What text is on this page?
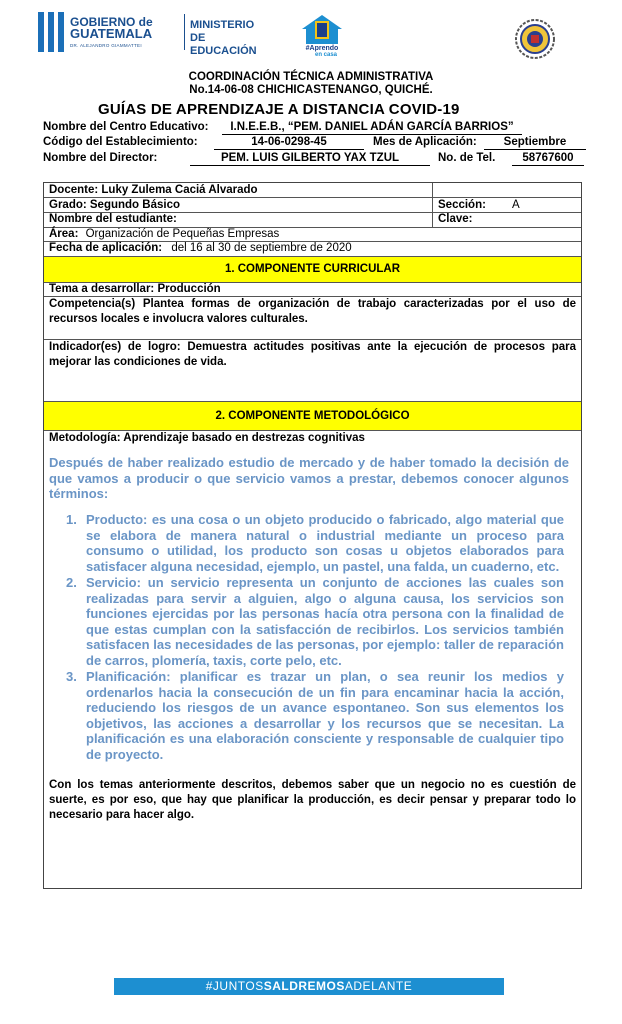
GOBIERNO de
GUATEMALA
DR. ALEJANDRO GIAMMATTEI
MINISTERIO DE
EDUCACIÓN	#Aprendo
en casa
COORDINACIÓN TÉCNICA ADMINISTRATIVA
No.14-06-08 CHICHICASTENANGO, QUICHÉ.
GUÍAS DE APRENDIZAJE A DISTANCIA COVID-19
Nombre del Centro Educativo:	I.N.E.E.B., “PEM. DANIEL ADÁN GARCÍA BARRIOS”
Código del Establecimiento:	14-06-0298-45	Mes de Aplicación:	Septiembre
Nombre del Director:	PEM. LUIS GILBERTO YAX TZUL	No. de Tel.	58767600
Docente: Luky Zulema Caciá Alvarado
Grado: Segundo Básico	Sección: A
Nombre del estudiante:	Clave:
Área: Organización de Pequeñas Empresas
Fecha de aplicación: del 16 al 30 de septiembre de 2020
1. COMPONENTE CURRICULAR
Tema a desarrollar: Producción
Competencia(s) Plantea formas de organización de trabajo caracterizadas por el uso de recursos locales e involucra valores culturales.
Indicador(es) de logro: Demuestra actitudes positivas ante la ejecución de procesos para mejorar las condiciones de vida.
2. COMPONENTE METODOLÓGICO
Metodología: Aprendizaje basado en destrezas cognitivas
Después de haber realizado estudio de mercado y de haber tomado la decisión de que vamos a producir o que servicio vamos a prestar, debemos conocer algunos términos:
1. Producto: es una cosa o un objeto producido o fabricado, algo material que se elabora de manera natural o industrial mediante un proceso para consumo o utilidad, los producto son cosas u objetos elaborados para satisfacer alguna necesidad, ejemplo, un pastel, una falda, un cuaderno, etc.
2. Servicio: un servicio representa un conjunto de acciones las cuales son realizadas para servir a alguien, algo o alguna causa, los servicios son funciones ejercidas por las personas hacía otra persona con la finalidad de que estas cumplan con la satisfacción de recibirlos. Los servicios también satisfacen las necesidades de las personas, por ejemplo: taller de reparación de carros, plomería, taxis, corte pelo, etc.
3. Planificación: planificar es trazar un plan, o sea reunir los medios y ordenarlos hacia la consecución de un fin para encaminar hacia la acción, reduciendo los riesgos de un avance espontaneo. Son sus elementos los objetivos, las acciones a desarrollar y los recursos que se necesitan. La planificación es una elaboración consciente y responsable de cualquier tipo de proyecto.
Con los temas anteriormente descritos, debemos saber que un negocio no es cuestión de suerte, es por eso, que hay que planificar la producción, es decir pensar y preparar todo lo necesario para hacer algo.
#JUNTOSSALDREMOSADELANTE
